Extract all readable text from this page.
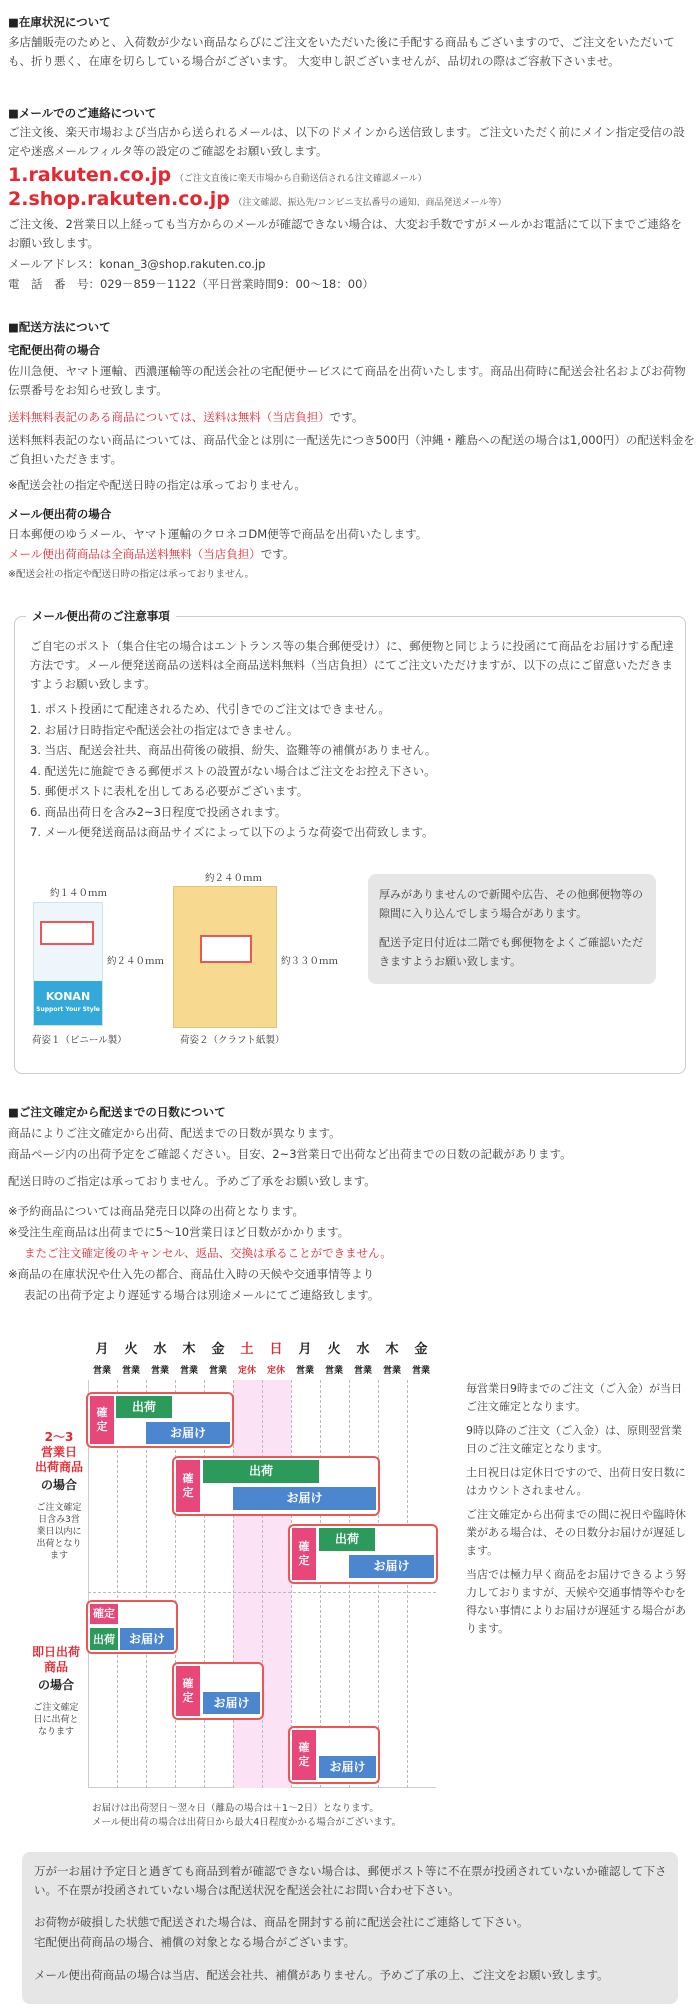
■在庫状況について
多店舗販売のためと、入荷数が少ない商品ならびにご注文をいただいた後に手配する商品もございますので、ご注文をいただいても、折り悪く、在庫を切らしている場合がございます。 大変申し訳ございませんが、品切れの際はご容赦下さいませ。
■メールでのご連絡について
ご注文後、楽天市場および当店から送られるメールは、以下のドメインから送信致します。ご注文いただく前にメイン指定受信の設定や迷惑メールフィルタ等の設定のご確認をお願い致します。
1.rakuten.co.jp （ご注文直後に楽天市場から自動送信される注文確認メール）
2.shop.rakuten.co.jp （注文確認、振込先/コンビニ支払番号の通知、商品発送メール等）
ご注文後、2営業日以上経っても当方からのメールが確認できない場合は、大変お手数ですがメールかお電話にて以下までご連絡をお願い致します。
メールアドレス：konan_3@shop.rakuten.co.jp
電　話　番　号：029－859－1122（平日営業時間9：00～18：00）
■配送方法について
宅配便出荷の場合
佐川急便、ヤマト運輸、西濃運輸等の配送会社の宅配便サービスにて商品を出荷いたします。商品出荷時に配送会社名およびお荷物伝票番号をお知らせ致します。
送料無料表記のある商品については、送料は無料（当店負担）です。
送料無料表記のない商品については、商品代金とは別に一配送先につき500円（沖縄・離島への配送の場合は1,000円）の配送料金をご負担いただきます。
※配送会社の指定や配送日時の指定は承っておりません。
メール便出荷の場合
日本郵便のゆうメール、ヤマト運輸のクロネコDM便等で商品を出荷いたします。
メール便出荷商品は全商品送料無料（当店負担）です。
※配送会社の指定や配送日時の指定は承っておりません。
メール便出荷のご注意事項
ご自宅のポスト（集合住宅の場合はエントランス等の集合郵便受け）に、郵便物と同じように投函にて商品をお届けする配達方法です。メール便発送商品の送料は全商品送料無料（当店負担）にてご注文いただけますが、以下の点にご留意いただきますようお願い致します。
1. ポスト投函にて配達されるため、代引きでのご注文はできません。
2. お届け日時指定や配送会社の指定はできません。
3. 当店、配送会社共、商品出荷後の破損、紛失、盗難等の補償がありません。
4. 配送先に施錠できる郵便ポストの設置がない場合はご注文をお控え下さい。
5. 郵便ポストに表札を出してある必要がございます。
6. 商品出荷日を含み2~3日程度で投函されます。
7. メール便発送商品は商品サイズによって以下のような荷姿で出荷致します。
約１４０ｍｍ
KONAN
Support Your Style
約２４０ｍｍ
荷姿１（ビニール製）
約２４０ｍｍ
約３３０ｍｍ
荷姿２（クラフト紙製）
厚みがありませんので新聞や広告、その他郵便物等の隙間に入り込んでしまう場合があります。
配送予定日付近は二階でも郵便物をよくご確認いただきますようお願い致します。
■ご注文確定から配送までの日数について
商品によりご注文確定から出荷、配送までの日数が異なります。
商品ページ内の出荷予定をご確認ください。目安、2~3営業日で出荷など出荷までの日数の記載があります。
配送日時のご指定は承っておりません。予めご了承をお願い致します。
※予約商品については商品発売日以降の出荷となります。
※受注生産商品は出荷までに5～10営業日ほど日数がかかります。
またご注文確定後のキャンセル、返品、交換は承ることができません。
※商品の在庫状況や仕入先の都合、商品仕入時の天候や交通事情等より
表記の出荷予定より遅延する場合は別途メールにてご連絡致します。
月
営業
火
営業
水
営業
木
営業
金
営業
土
定休
日
定休
月
営業
火
営業
水
営業
木
営業
金
営業
2～3
営業日
出荷商品
の場合
ご注文確定
日含み3営
業日以内に
出荷となり
ます
確定
出荷
お届け
確定
出荷
お届け
確定
出荷
お届け
即日出荷
商品
の場合
ご注文確定
日に出荷と
なります
確定
出荷	お届け
確定	お届け
確定	お届け
お届けは出荷翌日～翌々日（離島の場合は＋1～2日）となります。
メール便出荷の場合は出荷日から最大4日程度かかる場合がございます。
毎営業日9時までのご注文（ご入金）が当日ご注文確定となります。
9時以降のご注文（ご入金）は、原則翌営業日のご注文確定となります。
土日祝日は定休日ですので、出荷日安日数にはカウントされません。
ご注文確定から出荷までの間に祝日や臨時休業がある場合は、その日数分お届けが遅延します。
当店では極力早く商品をお届けできるよう努力しておりますが、天候や交通事情等やむを得ない事情によりお届けが遅延する場合があります。
万が一お届け予定日と過ぎても商品到着が確認できない場合は、郵便ポスト等に不在票が投函されていないか確認して下さい。不在票が投函されていない場合は配送状況を配送会社にお問い合わせ下さい。
お荷物が破損した状態で配送された場合は、商品を開封する前に配送会社にご連絡して下さい。
宅配便出荷商品の場合、補償の対象となる場合がございます。
メール便出荷商品の場合は当店、配送会社共、補償がありません。予めご了承の上、ご注文をお願い致します。
